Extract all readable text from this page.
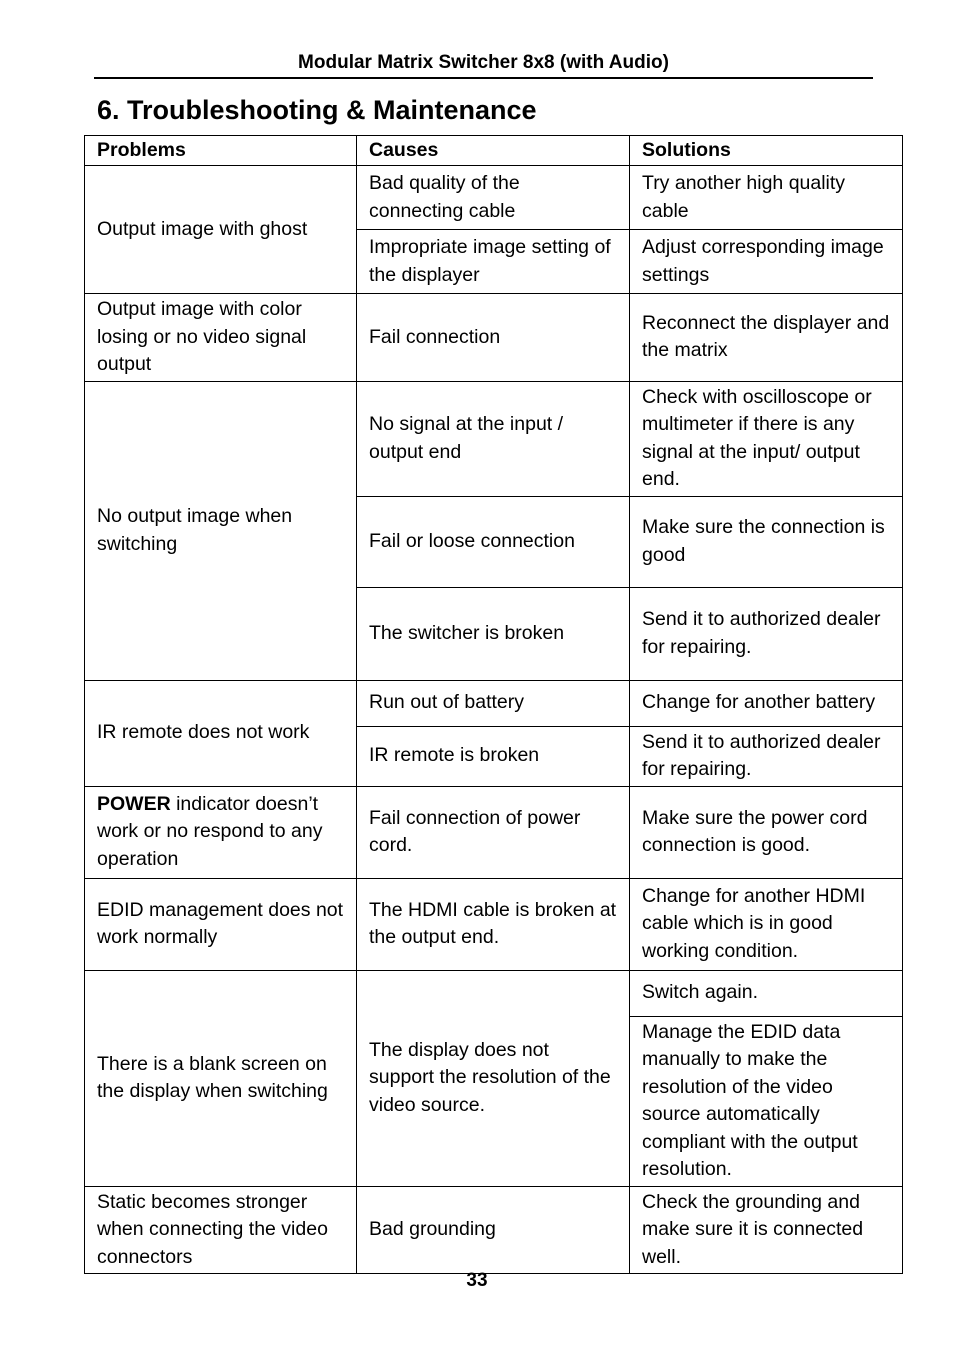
Modular Matrix Switcher 8x8 (with Audio)
6. Troubleshooting & Maintenance
Problems	Causes	Solutions
Output image with ghost	Bad quality of the connecting cable	Try another high quality cable
	Impropriate image setting of the displayer	Adjust corresponding image settings
Output image with color losing or no video signal output	Fail connection	Reconnect the displayer and the matrix
No output image when switching	No signal at the input / output end	Check with oscilloscope or multimeter if there is any signal at the input/ output end.
	Fail or loose connection	Make sure the connection is good
	The switcher is broken	Send it to authorized dealer for repairing.
IR remote does not work	Run out of battery	Change for another battery
	IR remote is broken	Send it to authorized dealer for repairing.
POWER indicator doesn’t work or no respond to any operation	Fail connection of power cord.	Make sure the power cord connection is good.
EDID management does not work normally	The HDMI cable is broken at the output end.	Change for another HDMI cable which is in good working condition.
There is a blank screen on the display when switching	The display does not support the resolution of the video source.	Switch again.
		Manage the EDID data manually to make the resolution of the video source automatically compliant with the output resolution.
Static becomes stronger when connecting the video connectors	Bad grounding	Check the grounding and make sure it is connected well.
33
